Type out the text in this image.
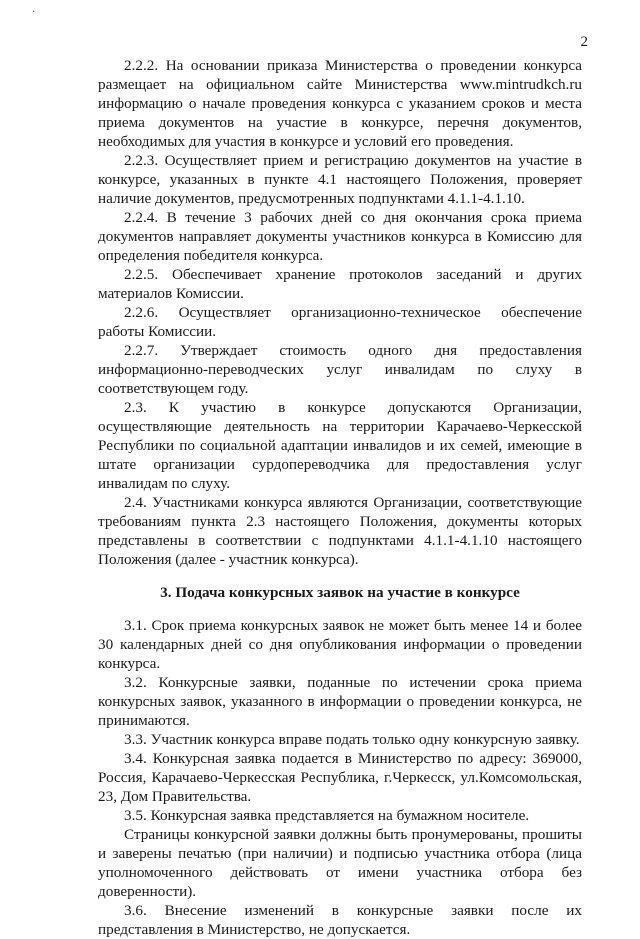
·
2

2.2.2. На основании приказа Министерства о проведении конкурса размещает на официальном сайте Министерства www.mintrudkch.ru информацию о начале проведения конкурса с указанием сроков и места приема документов на участие в конкурсе, перечня документов, необходимых для участия в конкурсе и условий его проведения.

2.2.3. Осуществляет прием и регистрацию документов на участие в конкурсе, указанных в пункте 4.1 настоящего Положения, проверяет наличие документов, предусмотренных подпунктами 4.1.1-4.1.10.

2.2.4. В течение 3 рабочих дней со дня окончания срока приема документов направляет документы участников конкурса в Комиссию для определения победителя конкурса.

2.2.5. Обеспечивает хранение протоколов заседаний и других материалов Комиссии.

2.2.6. Осуществляет организационно-техническое обеспечение работы Комиссии.

2.2.7. Утверждает стоимость одного дня предоставления информационно-переводческих услуг инвалидам по слуху в соответствующем году.

2.3. К участию в конкурсе допускаются Организации, осуществляющие деятельность на территории Карачаево-Черкесской Республики по социальной адаптации инвалидов и их семей, имеющие в штате организации сурдопереводчика для предоставления услуг инвалидам по слуху.

2.4. Участниками конкурса являются Организации, соответствующие требованиям пункта 2.3 настоящего Положения, документы которых представлены в соответствии с подпунктами 4.1.1-4.1.10 настоящего Положения (далее - участник конкурса).

3. Подача конкурсных заявок на участие в конкурсе

3.1. Срок приема конкурсных заявок не может быть менее 14 и более 30 календарных дней со дня опубликования информации о проведении конкурса.

3.2. Конкурсные заявки, поданные по истечении срока приема конкурсных заявок, указанного в информации о проведении конкурса, не принимаются.

3.3. Участник конкурса вправе подать только одну конкурсную заявку.

3.4. Конкурсная заявка подается в Министерство по адресу: 369000, Россия, Карачаево-Черкесская Республика, г.Черкесск, ул.Комсомольская, 23, Дом Правительства.

3.5. Конкурсная заявка представляется на бумажном носителе.

Страницы конкурсной заявки должны быть пронумерованы, прошиты и заверены печатью (при наличии) и подписью участника отбора (лица уполномоченного действовать от имени участника отбора без доверенности).

3.6. Внесение изменений в конкурсные заявки после их представления в Министерство, не допускается.
